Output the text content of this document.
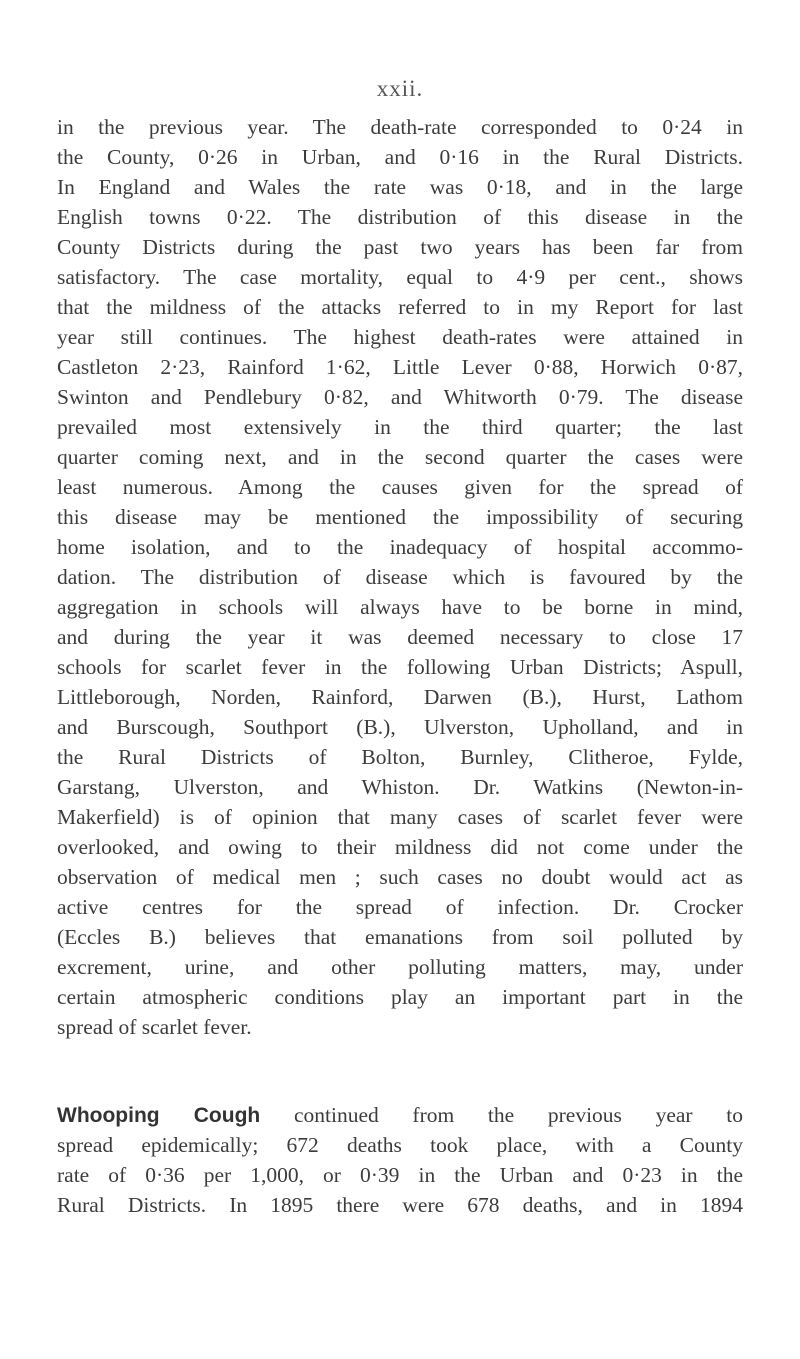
xxii.
in the previous year. The death-rate corresponded to 0·24 in
the County, 0·26 in Urban, and 0·16 in the Rural Districts.
In England and Wales the rate was 0·18, and in the large
English towns 0·22. The distribution of this disease in the
County Districts during the past two years has been far from
satisfactory. The case mortality, equal to 4·9 per cent., shows
that the mildness of the attacks referred to in my Report for last
year still continues. The highest death-rates were attained in
Castleton 2·23, Rainford 1·62, Little Lever 0·88, Horwich 0·87,
Swinton and Pendlebury 0·82, and Whitworth 0·79. The disease
prevailed most extensively in the third quarter; the last
quarter coming next, and in the second quarter the cases were
least numerous. Among the causes given for the spread of
this disease may be mentioned the impossibility of securing
home isolation, and to the inadequacy of hospital accommo-
dation. The distribution of disease which is favoured by the
aggregation in schools will always have to be borne in mind,
and during the year it was deemed necessary to close 17
schools for scarlet fever in the following Urban Districts; Aspull,
Littleborough, Norden, Rainford, Darwen (B.), Hurst, Lathom
and Burscough, Southport (B.), Ulverston, Upholland, and in
the Rural Districts of Bolton, Burnley, Clitheroe, Fylde,
Garstang, Ulverston, and Whiston. Dr. Watkins (Newton-in-
Makerfield) is of opinion that many cases of scarlet fever were
overlooked, and owing to their mildness did not come under the
observation of medical men ; such cases no doubt would act as
active centres for the spread of infection. Dr. Crocker
(Eccles B.) believes that emanations from soil polluted by
excrement, urine, and other polluting matters, may, under
certain atmospheric conditions play an important part in the
spread of scarlet fever.
Whooping Cough continued from the previous year to
spread epidemically; 672 deaths took place, with a County
rate of 0·36 per 1,000, or 0·39 in the Urban and 0·23 in the
Rural Districts. In 1895 there were 678 deaths, and in 1894
